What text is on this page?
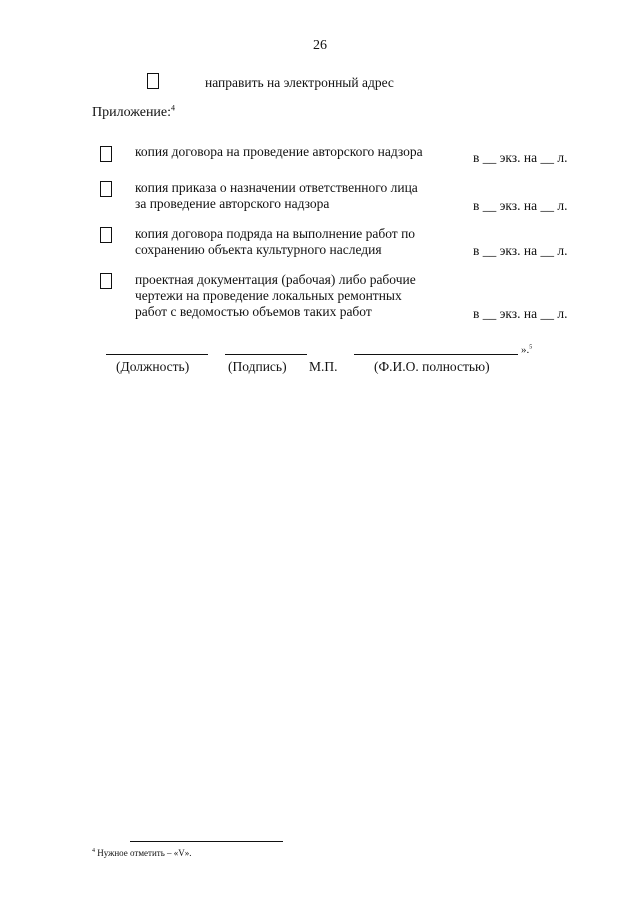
26
направить на электронный адрес
Приложение:$^4$
копия договора на проведение авторского надзора	в __ экз. на __ л.
копия приказа о назначении ответственного лица
за проведение авторского надзора	в __ экз. на __ л.
копия договора подряда на выполнение работ по
сохранению объекта культурного наследия	в __ экз. на __ л.
проектная документация (рабочая) либо рабочие
чертежи на проведение локальных ремонтных
работ с ведомостью объемов таких работ	в __ экз. на __ л.
».$^5$
(Должность)	(Подпись) М.П.	(Ф.И.О. полностью)
$^4$ Нужное отметить – «V».
